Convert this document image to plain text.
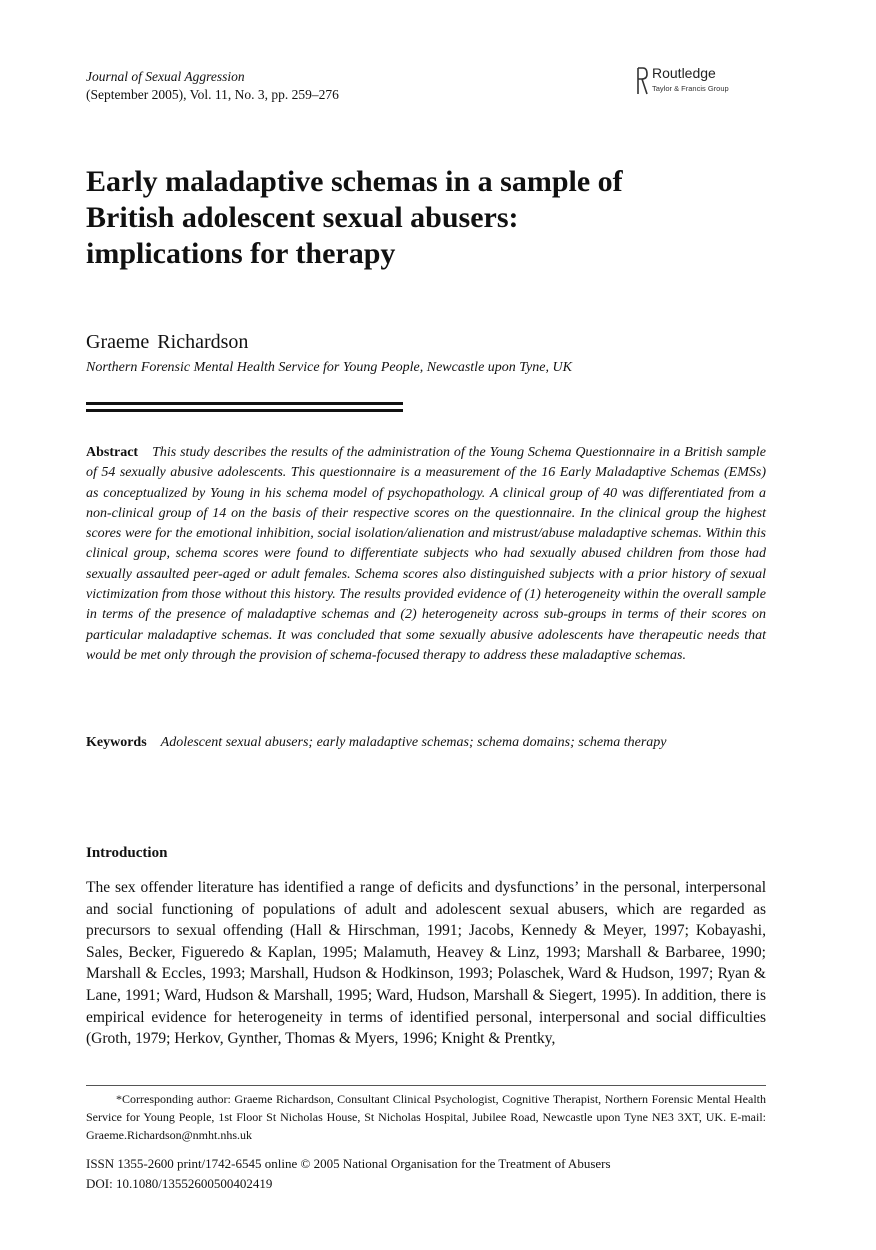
Journal of Sexual Aggression
(September 2005), Vol. 11, No. 3, pp. 259–276
Routledge
Taylor & Francis Group
Early maladaptive schemas in a sample of
British adolescent sexual abusers:
implications for therapy
Graeme Richardson
Northern Forensic Mental Health Service for Young People, Newcastle upon Tyne, UK

Abstract This study describes the results of the administration of the Young Schema Questionnaire in a British sample of 54 sexually abusive adolescents. This questionnaire is a measurement of the 16 Early Maladaptive Schemas (EMSs) as conceptualized by Young in his schema model of psychopathology. A clinical group of 40 was differentiated from a non-clinical group of 14 on the basis of their respective scores on the questionnaire. In the clinical group the highest scores were for the emotional inhibition, social isolation/alienation and mistrust/abuse maladaptive schemas. Within this clinical group, schema scores were found to differentiate subjects who had sexually abused children from those had sexually assaulted peer-aged or adult females. Schema scores also distinguished subjects with a prior history of sexual victimization from those without this history. The results provided evidence of (1) heterogeneity within the overall sample in terms of the presence of maladaptive schemas and (2) heterogeneity across sub-groups in terms of their scores on particular maladaptive schemas. It was concluded that some sexually abusive adolescents have therapeutic needs that would be met only through the provision of schema-focused therapy to address these maladaptive schemas.

Keywords Adolescent sexual abusers; early maladaptive schemas; schema domains; schema therapy

Introduction

The sex offender literature has identified a range of deficits and dysfunctions’ in the personal, interpersonal and social functioning of populations of adult and adolescent sexual abusers, which are regarded as precursors to sexual offending (Hall & Hirschman, 1991; Jacobs, Kennedy & Meyer, 1997; Kobayashi, Sales, Becker, Figueredo & Kaplan, 1995; Malamuth, Heavey & Linz, 1993; Marshall & Barbaree, 1990; Marshall & Eccles, 1993; Marshall, Hudson & Hodkinson, 1993; Polaschek, Ward & Hudson, 1997; Ryan & Lane, 1991; Ward, Hudson & Marshall, 1995; Ward, Hudson, Marshall & Siegert, 1995). In addition, there is empirical evidence for heterogeneity in terms of identified personal, interpersonal and social difficulties (Groth, 1979; Herkov, Gynther, Thomas & Myers, 1996; Knight & Prentky,

*Corresponding author: Graeme Richardson, Consultant Clinical Psychologist, Cognitive Therapist, Northern Forensic Mental Health Service for Young People, 1st Floor St Nicholas House, St Nicholas Hospital, Jubilee Road, Newcastle upon Tyne NE3 3XT, UK. E-mail: Graeme.Richardson@nmht.nhs.uk

ISSN 1355-2600 print/1742-6545 online © 2005 National Organisation for the Treatment of Abusers
DOI: 10.1080/13552600500402419
